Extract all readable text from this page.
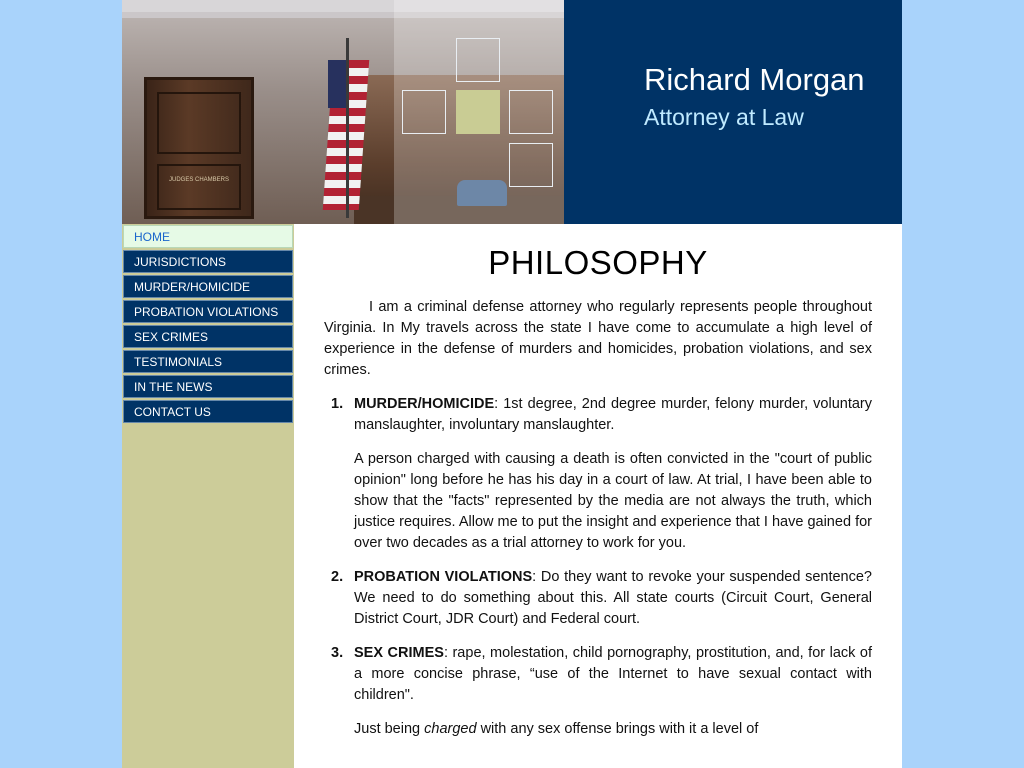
JUDGES CHAMBERS
Richard Morgan
Attorney at Law
HOME
JURISDICTIONS
MURDER/HOMICIDE
PROBATION VIOLATIONS
SEX CRIMES
TESTIMONIALS
IN THE NEWS
CONTACT US
PHILOSOPHY

I am a criminal defense attorney who regularly represents people throughout Virginia. In My travels across the state I have come to accumulate a high level of experience in the defense of murders and homicides, probation violations, and sex crimes.

1. MURDER/HOMICIDE: 1st degree, 2nd degree murder, felony murder, voluntary manslaughter, involuntary manslaughter.

A person charged with causing a death is often convicted in the "court of public opinion" long before he has his day in a court of law. At trial, I have been able to show that the "facts" represented by the media are not always the truth, which justice requires. Allow me to put the insight and experience that I have gained for over two decades as a trial attorney to work for you.

2. PROBATION VIOLATIONS: Do they want to revoke your suspended sentence? We need to do something about this. All state courts (Circuit Court, General District Court, JDR Court) and Federal court.
3. SEX CRIMES: rape, molestation, child pornography, prostitution, and, for lack of a more concise phrase, “use of the Internet to have sexual contact with children".

Just being charged with any sex offense brings with it a level of
